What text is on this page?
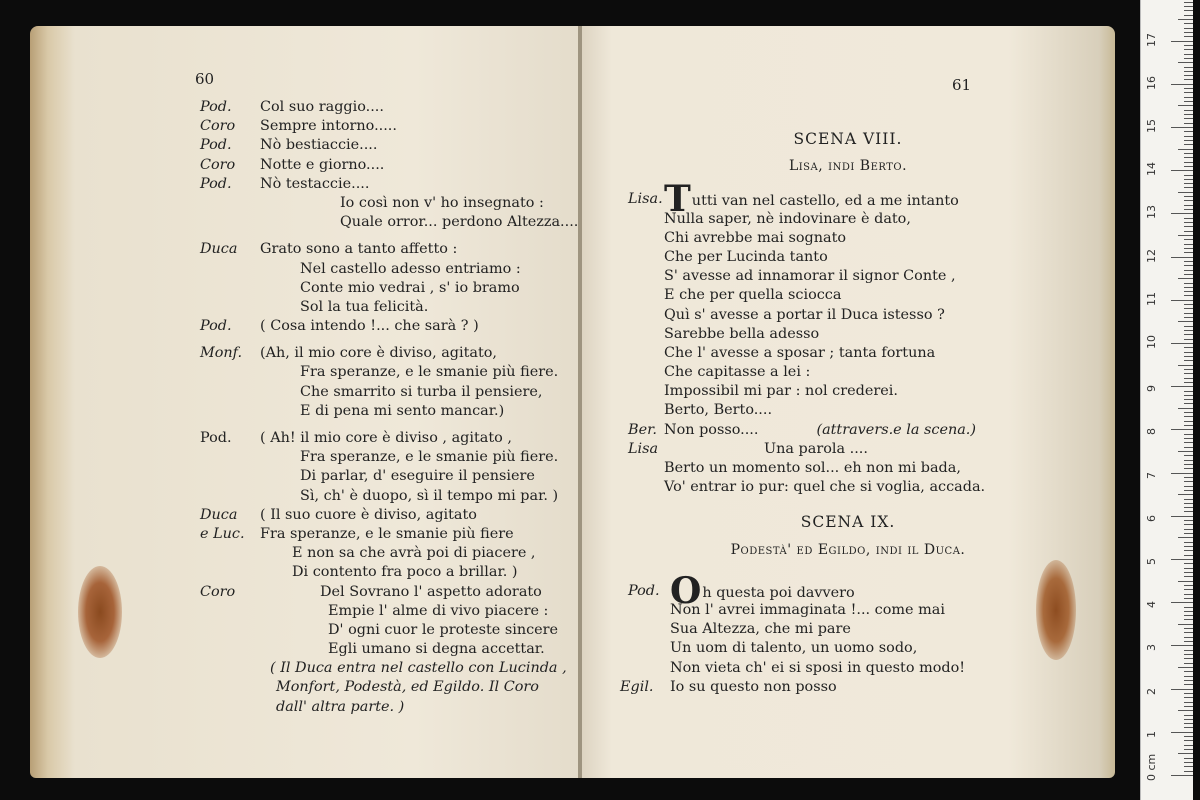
60
Pod. Col suo raggio....
Coro Sempre intorno.....
Pod. Nò bestiaccie....
Coro Notte e giorno....
Pod. Nò testaccie....
Io così non v' ho insegnato :
Quale orror... perdono Altezza....
Duca Grato sono a tanto affetto :
Nel castello adesso entriamo :
Conte mio vedrai , s' io bramo
Sol la tua felicità.
Pod. ( Cosa intendo !... che sarà ? )
Monf. (Ah, il mio core è diviso, agitato,
Fra speranze, e le smanie più fiere.
Che smarrito si turba il pensiere,
E di pena mi sento mancar.)
Pod. ( Ah! il mio core è diviso , agitato ,
Fra speranze, e le smanie più fiere.
Di parlar, d' eseguire il pensiere
Sì, ch' è duopo, sì il tempo mi par. )
Duca ( Il suo cuore è diviso, agitato
e Luc. Fra speranze, e le smanie più fiere
E non sa che avrà poi di piacere ,
Di contento fra poco a brillar. )
Coro	Del Sovrano l' aspetto adorato
Empie l' alme di vivo piacere :
D' ogni cuor le proteste sincere
Egli umano si degna accettar.
( Il Duca entra nel castello con Lucinda ,
Monfort, Podestà, ed Egildo. Il Coro
dall' altra parte. )
61
SCENA VIII.
Lisa, indi Berto.
Lisa. Tutti van nel castello, ed a me intanto
Nulla saper, nè indovinare è dato,
Chi avrebbe mai sognato
Che per Lucinda tanto
S' avesse ad innamorar il signor Conte ,
E che per quella sciocca
Quì s' avesse a portar il Duca istesso ?
Sarebbe bella adesso
Che l' avesse a sposar ; tanta fortuna
Che capitasse a lei :
Impossibil mi par : nol crederei.
Berto, Berto....
Ber. Non posso....	(attravers.e la scena.)
Lisa	Una parola ....
Berto un momento sol... eh non mi bada,
Vo' entrar io pur: quel che si voglia, accada.
SCENA IX.
Podestà' ed Egildo, indi il Duca.
Pod. Oh questa poi davvero
Non l' avrei immaginata !... come mai
Sua Altezza, che mi pare
Un uom di talento, un uomo sodo,
Non vieta ch' ei si sposi in questo modo!
Egil. Io su questo non posso
0 cm
1
2
3
4
5
6
7
8
9
10
11
12
13
14
15
16
17
